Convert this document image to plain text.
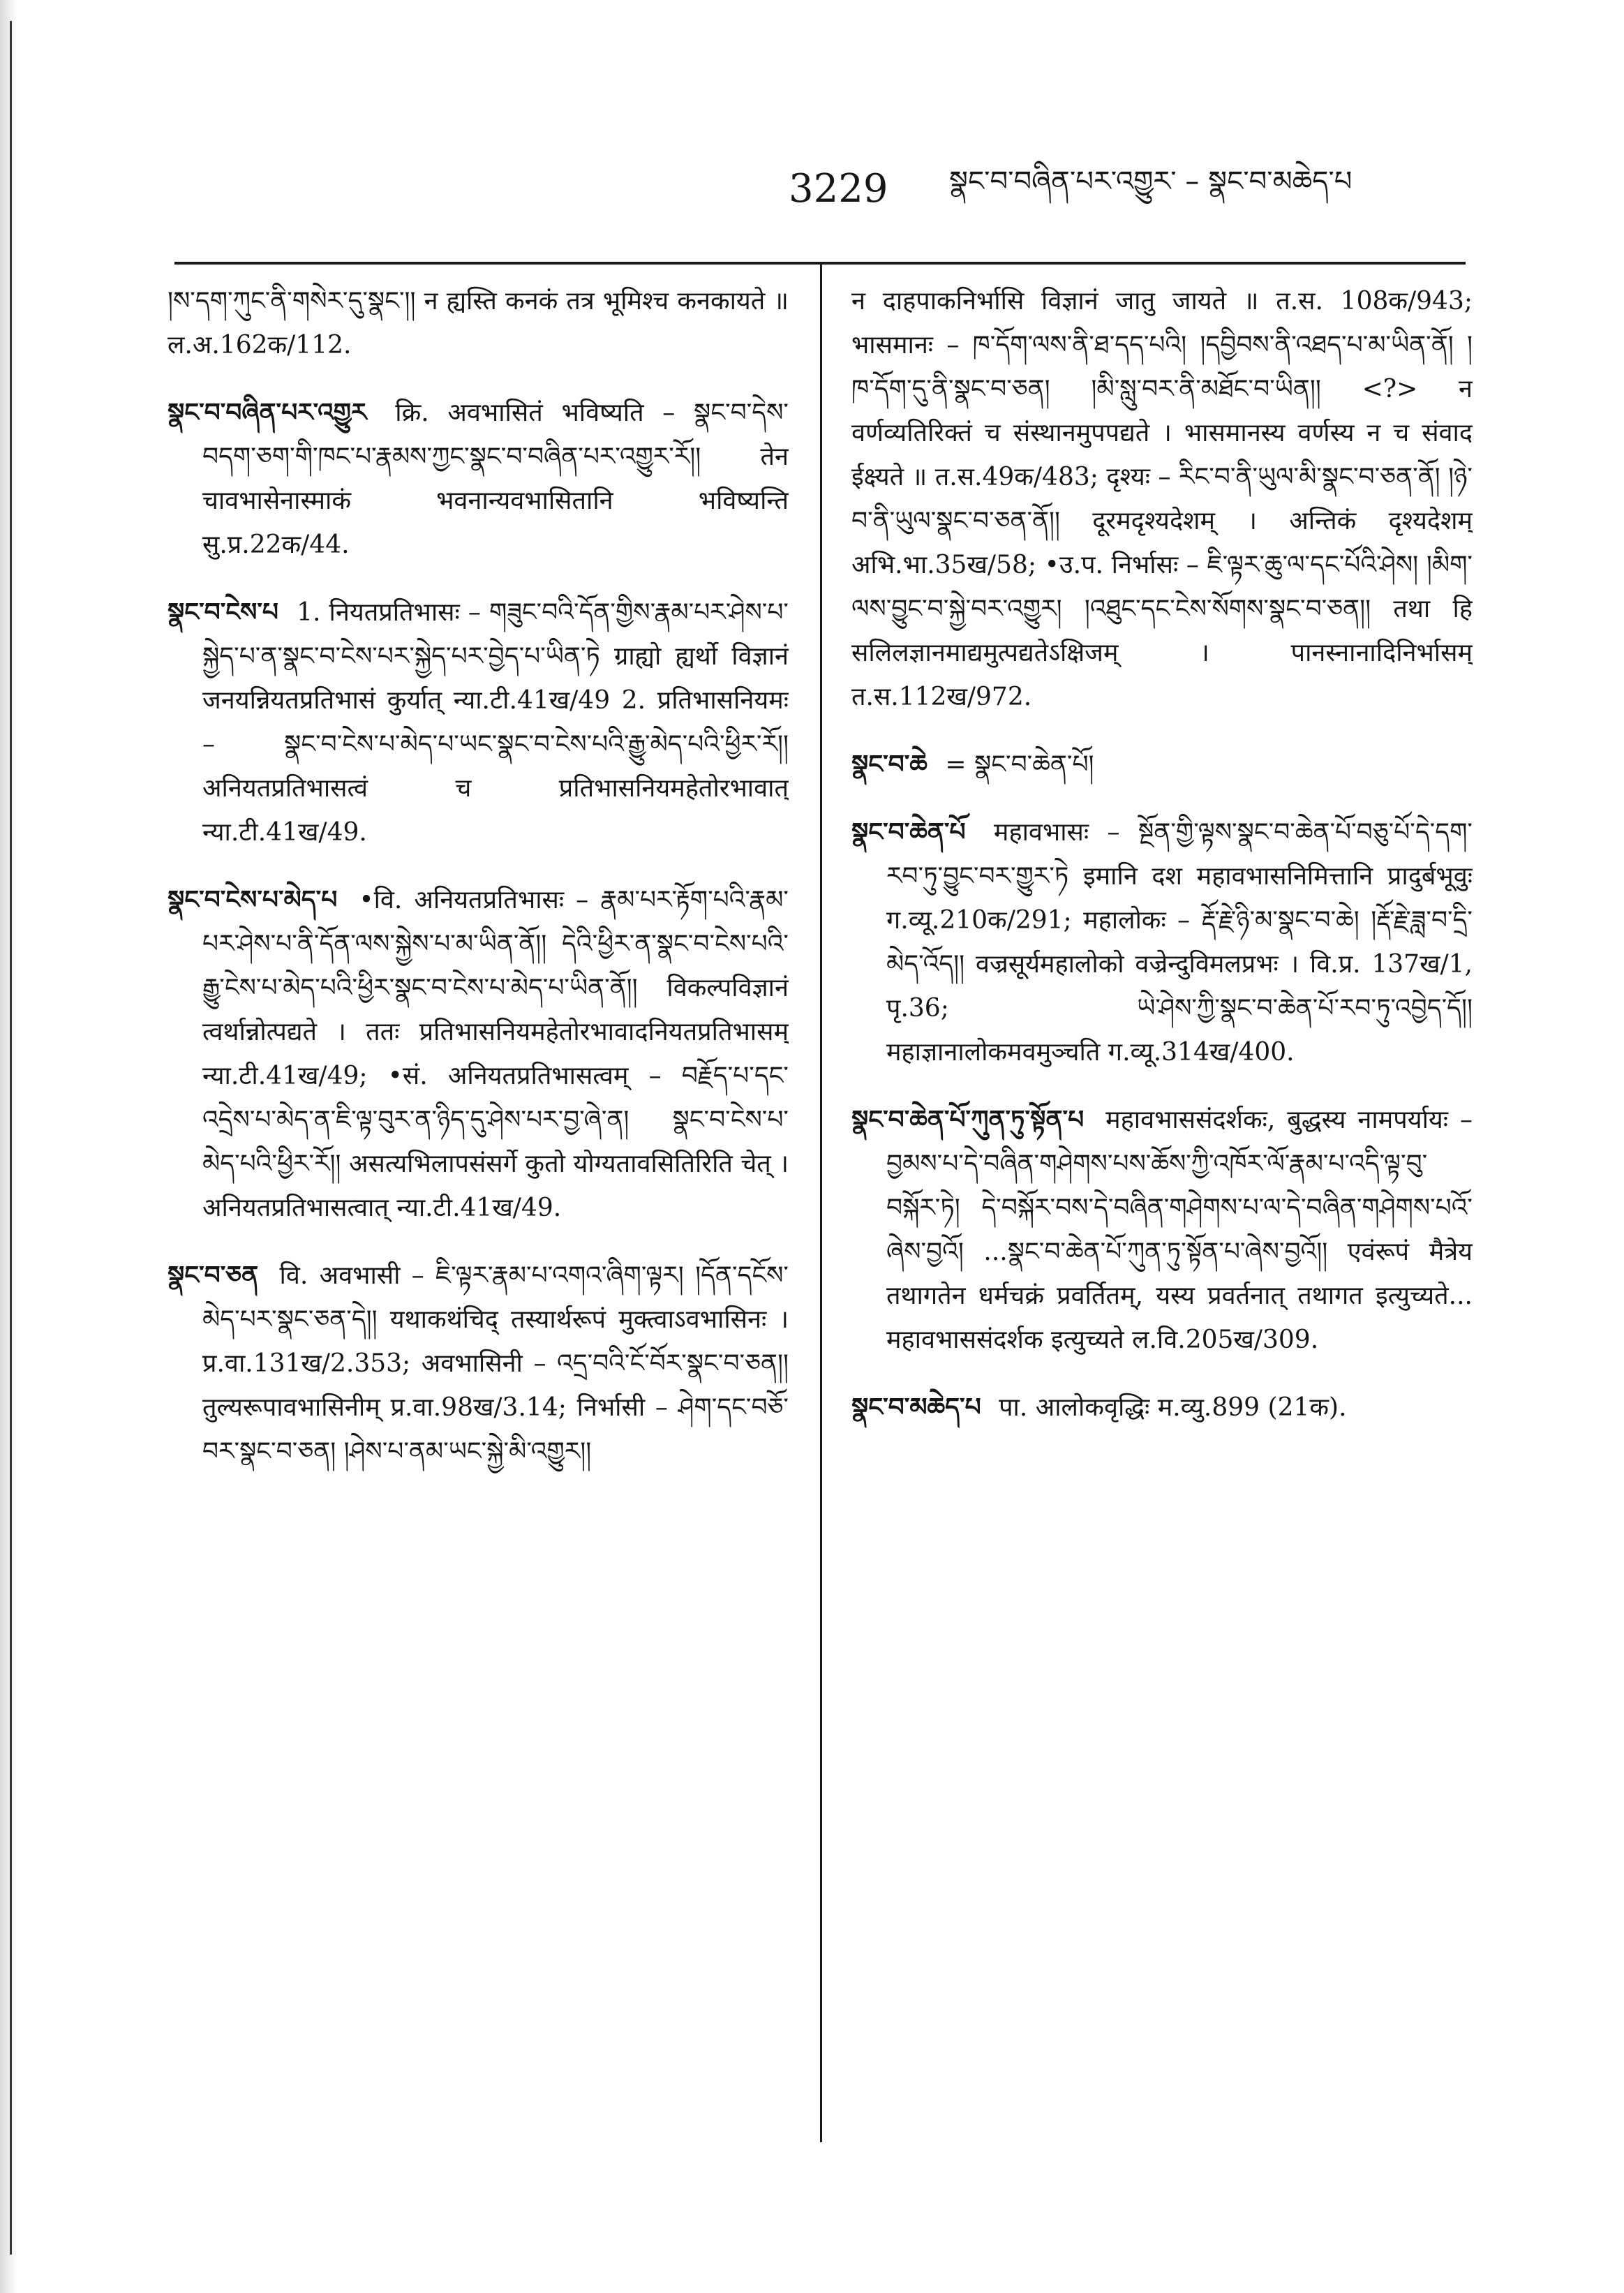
3229	སྣང་བ་བཞིན་པར་འགྱུར་ – སྣང་བ་མཆེད་པ

།ས་དག་ཀུང་ནི་གསེར་དུ་སྣང་།། न ह्यस्ति कनकं तत्र भूमिश्च कनकायते ॥ ल.अ.162क/112.

སྣང་བ་བཞིན་པར་འགྱུར क्रि. अवभासितं भविष्यति – སྣང་བ་དེས་བདག་ཅག་གི་ཁང་པ་རྣམས་ཀྱང་སྣང་བ་བཞིན་པར་འགྱུར་རོ།། तेन चावभासेनास्माकं भवनान्यवभासितानि भविष्यन्ति सु.प्र.22क/44.

སྣང་བ་ངེས་པ 1. नियतप्रतिभासः – གཟུང་བའི་དོན་གྱིས་རྣམ་པར་ཤེས་པ་སྐྱེད་པ་ན་སྣང་བ་ངེས་པར་སྐྱེད་པར་བྱེད་པ་ཡིན་ཏེ ग्राह्यो ह्यर्थो विज्ञानं जनयन्नियतप्रतिभासं कुर्यात् न्या.टी.41ख/49 2. प्रतिभासनियमः – སྣང་བ་ངེས་པ་མེད་པ་ཡང་སྣང་བ་ངེས་པའི་རྒྱུ་མེད་པའི་ཕྱིར་རོ།། अनियतप्रतिभासत्वं च प्रतिभासनियमहेतोरभावात् न्या.टी.41ख/49.

སྣང་བ་ངེས་པ་མེད་པ •वि. अनियतप्रतिभासः – རྣམ་པར་རྟོག་པའི་རྣམ་པར་ཤེས་པ་ནི་དོན་ལས་སྐྱེས་པ་མ་ཡིན་ནོ།། དེའི་ཕྱིར་ན་སྣང་བ་ངེས་པའི་རྒྱུ་ངེས་པ་མེད་པའི་ཕྱིར་སྣང་བ་ངེས་པ་མེད་པ་ཡིན་ནོ།། विकल्पविज्ञानं त्वर्थान्नोत्पद्यते । ततः प्रतिभासनियमहेतोरभावादनियतप्रतिभासम् न्या.टी.41ख/49; •सं. अनियतप्रतिभासत्वम् – བརྗོད་པ་དང་འདྲེས་པ་མེད་ན་ཇི་ལྟ་བུར་ན་ཉིད་དུ་ཤེས་པར་བྱ་ཞེ་ན། སྣང་བ་ངེས་པ་མེད་པའི་ཕྱིར་རོ།། असत्यभिलापसंसर्गे कुतो योग्यतावसितिरिति चेत् । अनियतप्रतिभासत्वात् न्या.टी.41ख/49.

སྣང་བ་ཅན वि. अवभासी – ཇི་ལྟར་རྣམ་པ་འགའ་ཞིག་ལྟར། །དོན་དངོས་མེད་པར་སྣང་ཅན་དེ།། यथाकथंचिद् तस्यार्थरूपं मुक्त्वाऽवभासिनः । प्र.वा.131ख/2.353; अवभासिनी – འདྲ་བའི་ངོ་བོར་སྣང་བ་ཅན།། तुल्यरूपावभासिनीम् प्र.वा.98ख/3.14; निर्भासी – ཤེག་དང་བཅོ་བར་སྣང་བ་ཅན། །ཤེས་པ་ནམ་ཡང་སྐྱེ་མི་འགྱུར།།

न दाहपाकनिर्भासि विज्ञानं जातु जायते ॥ त.स. 108क/943; भासमानः – ཁ་དོག་ལས་ནི་ཐ་དད་པའི། །དབྱིབས་ནི་འཐད་པ་མ་ཡིན་ནོ། །ཁ་དོག་དུ་ནི་སྣང་བ་ཅན། །མི་སླུ་བར་ནི་མཐོང་བ་ཡིན།། <?> न वर्णव्यतिरिक्तं च संस्थानमुपपद्यते । भासमानस्य वर्णस्य न च संवाद ईक्ष्यते ॥ त.स.49क/483; दृश्यः – རིང་བ་ནི་ཡུལ་མི་སྣང་བ་ཅན་ནོ། །ཉེ་བ་ནི་ཡུལ་སྣང་བ་ཅན་ནོ།། दूरमदृश्यदेशम् । अन्तिकं दृश्यदेशम् अभि.भा.35ख/58; •उ.प. निर्भासः – ཇི་ལྟར་ཆུ་ལ་དང་པོའི་ཤེས། །མིག་ལས་བྱུང་བ་སྐྱེ་བར་འགྱུར། །འཐུང་དང་ངེས་སོགས་སྣང་བ་ཅན།། तथा हि सलिलज्ञानमाद्यमुत्पद्यतेऽक्षिजम् । पानस्नानादिनिर्भासम् त.स.112ख/972.

སྣང་བ་ཆེ = སྣང་བ་ཆེན་པོ།

སྣང་བ་ཆེན་པོ महावभासः – སྔོན་གྱི་ལྟས་སྣང་བ་ཆེན་པོ་བཅུ་པོ་དེ་དག་རབ་ཏུ་བྱུང་བར་གྱུར་ཏེ इमानि दश महावभासनिमित्तानि प्रादुर्बभूवुः ग.व्यू.210क/291; महालोकः – རྡོ་རྗེ་ཉི་མ་སྣང་བ་ཆེ། །རྡོ་རྗེ་ཟླ་བ་དྲི་མེད་འོད།། वज्रसूर्यमहालोको वज्रेन्दुविमलप्रभः । वि.प्र. 137ख/1, पृ.36; ཡེ་ཤེས་ཀྱི་སྣང་བ་ཆེན་པོ་རབ་ཏུ་འབྱེད་དོ།། महाज्ञानालोकमवमुञ्चति ग.व्यू.314ख/400.

སྣང་བ་ཆེན་པོ་ཀུན་ཏུ་སྟོན་པ महावभाससंदर्शकः, बुद्धस्य नामपर्यायः – བྱམས་པ་དེ་བཞིན་གཤེགས་པས་ཆོས་ཀྱི་འཁོར་ལོ་རྣམ་པ་འདི་ལྟ་བུ་བསྐོར་ཏེ། དེ་བསྐོར་བས་དེ་བཞིན་གཤེགས་པ་ལ་དེ་བཞིན་གཤེགས་པའོ་ཞེས་བྱའོ། ...སྣང་བ་ཆེན་པོ་ཀུན་ཏུ་སྟོན་པ་ཞེས་བྱའོ།། एवंरूपं मैत्रेय तथागतेन धर्मचक्रं प्रवर्तितम्, यस्य प्रवर्तनात् तथागत इत्युच्यते... महावभाससंदर्शक इत्युच्यते ल.वि.205ख/309.

སྣང་བ་མཆེད་པ पा. आलोकवृद्धिः म.व्यु.899 (21क).
